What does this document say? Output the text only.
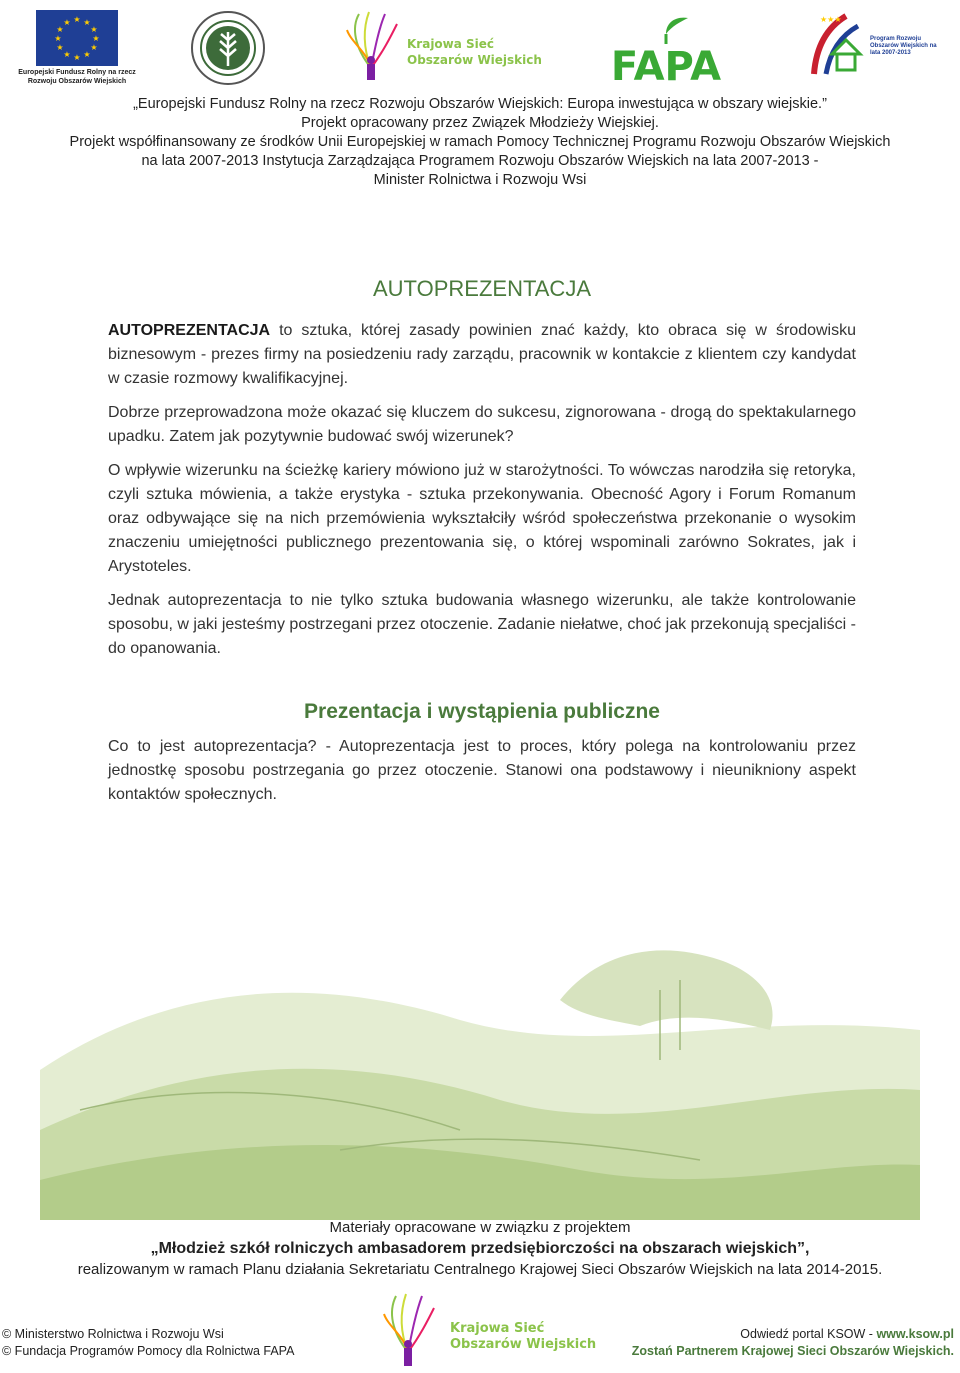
★ ★
★
★
★
★
★
★
★
★
★
★
Europejski Fundusz Rolny na rzecz Rozwoju Obszarów Wiejskich
Krajowa Sieć
Obszarów Wiejskich FAPA
★★★
Program Rozwoju Obszarów Wiejskich na lata 2007-2013
„Europejski Fundusz Rolny na rzecz Rozwoju Obszarów Wiejskich: Europa inwestująca w obszary wiejskie.”
Projekt opracowany przez Związek Młodzieży Wiejskiej.
Projekt współfinansowany ze środków Unii Europejskiej w ramach Pomocy Technicznej Programu Rozwoju Obszarów Wiejskich
na lata 2007-2013 Instytucja Zarządzająca Programem Rozwoju Obszarów Wiejskich na lata 2007-2013 -
Minister Rolnictwa i Rozwoju Wsi
AUTOPREZENTACJA

AUTOPREZENTACJA to sztuka, której zasady powinien znać każdy, kto obraca się w środowisku biznesowym - prezes firmy na posiedzeniu rady zarządu, pracownik w kontakcie z klientem czy kandydat w czasie rozmowy kwalifikacyjnej.

Dobrze przeprowadzona może okazać się kluczem do sukcesu, zignorowana - drogą do spektakularnego upadku. Zatem jak pozytywnie budować swój wizerunek?

O wpływie wizerunku na ścieżkę kariery mówiono już w starożytności. To wówczas narodziła się retoryka, czyli sztuka mówienia, a także erystyka - sztuka przekonywania. Obecność Agory i Forum Romanum oraz odbywające się na nich przemówienia wykształciły wśród społeczeństwa przekonanie o wysokim znaczeniu umiejętności publicznego prezentowania się, o której wspominali zarówno Sokrates, jak i Arystoteles.

Jednak autoprezentacja to nie tylko sztuka budowania własnego wizerunku, ale także kontrolowanie sposobu, w jaki jesteśmy postrzegani przez otoczenie. Zadanie niełatwe, choć jak przekonują specjaliści - do opanowania.

Prezentacja i wystąpienia publiczne

Co to jest autoprezentacja? - Autoprezentacja jest to proces, który polega na kontrolowaniu przez jednostkę sposobu postrzegania go przez otoczenie. Stanowi ona podstawowy i nieunikniony aspekt kontaktów społecznych.

Materiały opracowane w związku z projektem
„Młodzież szkół rolniczych ambasadorem przedsiębiorczości na obszarach wiejskich”,
realizowanym w ramach Planu działania Sekretariatu Centralnego Krajowej Sieci Obszarów Wiejskich na lata 2014-2015.
Krajowa Sieć
Obszarów Wiejskich
© Ministerstwo Rolnictwa i Rozwoju Wsi
© Fundacja Programów Pomocy dla Rolnictwa FAPA
Odwiedź portal KSOW - www.ksow.pl
Zostań Partnerem Krajowej Sieci Obszarów Wiejskich.
